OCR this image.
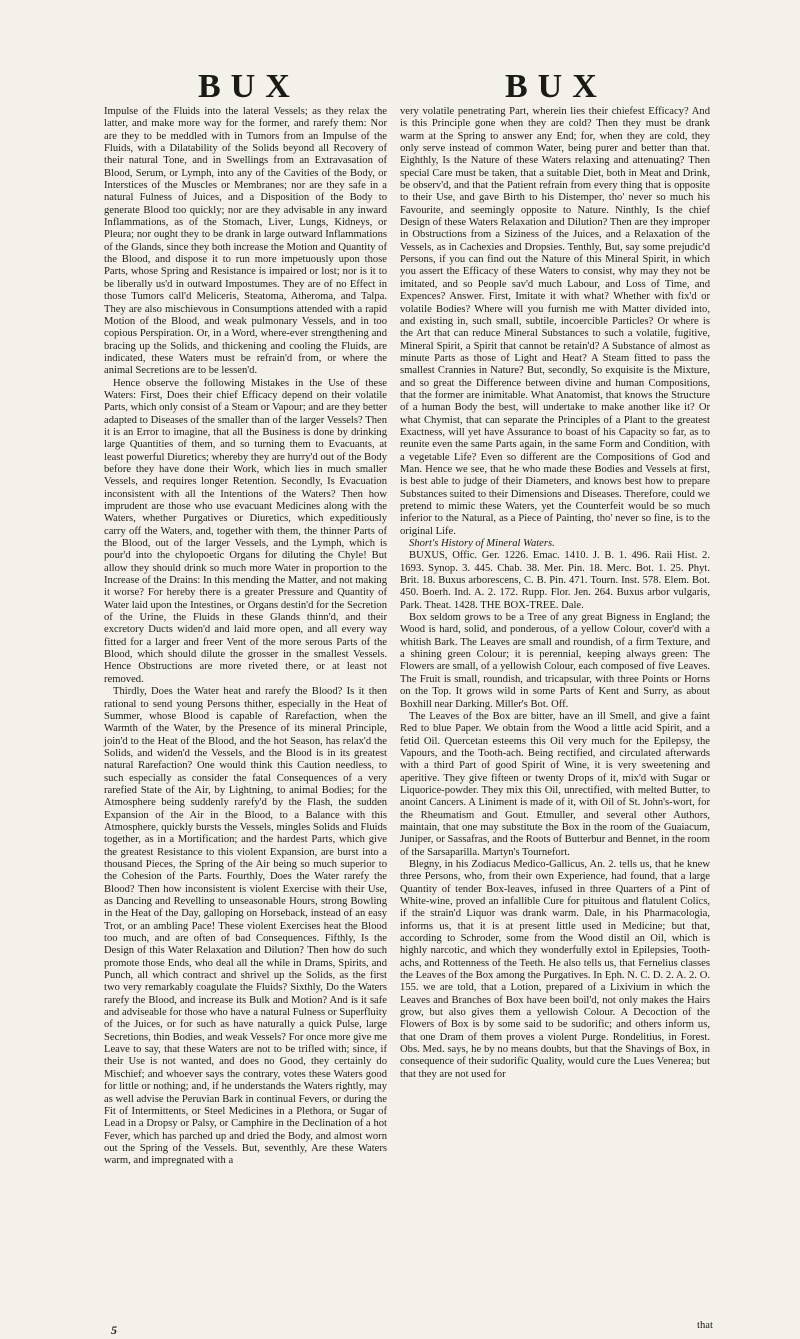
BUX	BUX

Impulse of the Fluids into the lateral Vessels; as they relax the latter, and make more way for the former, and rarefy them: Nor are they to be meddled with in Tumors from an Impulse of the Fluids, with a Dilatability of the Solids beyond all Recovery of their natural Tone, and in Swellings from an Extravasation of Blood, Serum, or Lymph, into any of the Cavities of the Body, or Interstices of the Muscles or Membranes; nor are they safe in a natural Fulness of Juices, and a Disposition of the Body to generate Blood too quickly; nor are they advisable in any inward Inflammations, as of the Stomach, Liver, Lungs, Kidneys, or Pleura; nor ought they to be drank in large outward Inflammations of the Glands, since they both increase the Motion and Quantity of the Blood, and dispose it to run more impetuously upon those Parts, whose Spring and Resistance is impaired or lost; nor is it to be liberally us'd in outward Impostumes. They are of no Effect in those Tumors call'd Meliceris, Steatoma, Atheroma, and Talpa. They are also mischievous in Consumptions attended with a rapid Motion of the Blood, and weak pulmonary Vessels, and in too copious Perspiration. Or, in a Word, where-ever strengthening and bracing up the Solids, and thickening and cooling the Fluids, are indicated, these Waters must be refrain'd from, or where the animal Secretions are to be lessen'd.

Hence observe the following Mistakes in the Use of these Waters: First, Does their chief Efficacy depend on their volatile Parts, which only consist of a Steam or Vapour; and are they better adapted to Diseases of the smaller than of the larger Vessels? Then it is an Error to imagine, that all the Business is done by drinking large Quantities of them, and so turning them to Evacuants, at least powerful Diuretics; whereby they are hurry'd out of the Body before they have done their Work, which lies in much smaller Vessels, and requires longer Retention. Secondly, Is Evacuation inconsistent with all the Intentions of the Waters? Then how imprudent are those who use evacuant Medicines along with the Waters, whether Purgatives or Diuretics, which expeditiously carry off the Waters, and, together with them, the thinner Parts of the Blood, out of the larger Vessels, and the Lymph, which is pour'd into the chylopoetic Organs for diluting the Chyle! But allow they should drink so much more Water in proportion to the Increase of the Drains: In this mending the Matter, and not making it worse? For hereby there is a greater Pressure and Quantity of Water laid upon the Intestines, or Organs destin'd for the Secretion of the Urine, the Fluids in these Glands thinn'd, and their excretory Ducts widen'd and laid more open, and all every way fitted for a larger and freer Vent of the more serous Parts of the Blood, which should dilute the grosser in the smallest Vessels. Hence Obstructions are more riveted there, or at least not removed.

Thirdly, Does the Water heat and rarefy the Blood? Is it then rational to send young Persons thither, especially in the Heat of Summer, whose Blood is capable of Rarefaction, when the Warmth of the Water, by the Presence of its mineral Principle, join'd to the Heat of the Blood, and the hot Season, has relax'd the Solids, and widen'd the Vessels, and the Blood is in its greatest natural Rarefaction? One would think this Caution needless, to such especially as consider the fatal Consequences of a very rarefied State of the Air, by Lightning, to animal Bodies; for the Atmosphere being suddenly rarefy'd by the Flash, the sudden Expansion of the Air in the Blood, to a Balance with this Atmosphere, quickly bursts the Vessels, mingles Solids and Fluids together, as in a Mortification; and the hardest Parts, which give the greatest Resistance to this violent Expansion, are burst into a thousand Pieces, the Spring of the Air being so much superior to the Cohesion of the Parts. Fourthly, Does the Water rarefy the Blood? Then how inconsistent is violent Exercise with their Use, as Dancing and Revelling to unseasonable Hours, strong Bowling in the Heat of the Day, galloping on Horseback, instead of an easy Trot, or an ambling Pace! These violent Exercises heat the Blood too much, and are often of bad Consequences. Fifthly, Is the Design of this Water Relaxation and Dilution? Then how do such promote those Ends, who deal all the while in Drams, Spirits, and Punch, all which contract and shrivel up the Solids, as the first two very remarkably coagulate the Fluids? Sixthly, Do the Waters rarefy the Blood, and increase its Bulk and Motion? And is it safe and adviseable for those who have a natural Fulness or Superfluity of the Juices, or for such as have naturally a quick Pulse, large Secretions, thin Bodies, and weak Vessels? For once more give me Leave to say, that these Waters are not to be trifled with; since, if their Use is not wanted, and does no Good, they certainly do Mischief; and whoever says the contrary, votes these Waters good for little or nothing; and, if he understands the Waters rightly, may as well advise the Peruvian Bark in continual Fevers, or during the Fit of Intermittents, or Steel Medicines in a Plethora, or Sugar of Lead in a Dropsy or Palsy, or Camphire in the Declination of a hot Fever, which has parched up and dried the Body, and almost worn out the Spring of the Vessels. But, seventhly, Are these Waters warm, and impregnated with a

very volatile penetrating Part, wherein lies their chiefest Efficacy? And is this Principle gone when they are cold? Then they must be drank warm at the Spring to answer any End; for, when they are cold, they only serve instead of common Water, being purer and better than that. Eighthly, Is the Nature of these Waters relaxing and attenuating? Then special Care must be taken, that a suitable Diet, both in Meat and Drink, be observ'd, and that the Patient refrain from every thing that is opposite to their Use, and gave Birth to his Distemper, tho' never so much his Favourite, and seemingly opposite to Nature. Ninthly, Is the chief Design of these Waters Relaxation and Dilution? Then are they improper in Obstructions from a Siziness of the Juices, and a Relaxation of the Vessels, as in Cachexies and Dropsies. Tenthly, But, say some prejudic'd Persons, if you can find out the Nature of this Mineral Spirit, in which you assert the Efficacy of these Waters to consist, why may they not be imitated, and so People sav'd much Labour, and Loss of Time, and Expences? Answer. First, Imitate it with what? Whether with fix'd or volatile Bodies? Where will you furnish me with Matter divided into, and existing in, such small, subtile, incoercible Particles? Or where is the Art that can reduce Mineral Substances to such a volatile, fugitive, Mineral Spirit, a Spirit that cannot be retain'd? A Substance of almost as minute Parts as those of Light and Heat? A Steam fitted to pass the smallest Crannies in Nature? But, secondly, So exquisite is the Mixture, and so great the Difference between divine and human Compositions, that the former are inimitable. What Anatomist, that knows the Structure of a human Body the best, will undertake to make another like it? Or what Chymist, that can separate the Principles of a Plant to the greatest Exactness, will yet have Assurance to boast of his Capacity so far, as to reunite even the same Parts again, in the same Form and Condition, with a vegetable Life? Even so different are the Compositions of God and Man. Hence we see, that he who made these Bodies and Vessels at first, is best able to judge of their Diameters, and knows best how to prepare Substances suited to their Dimensions and Diseases. Therefore, could we pretend to mimic these Waters, yet the Counterfeit would be so much inferior to the Natural, as a Piece of Painting, tho' never so fine, is to the original Life.

Short's History of Mineral Waters.

BUXUS, Offic. Ger. 1226. Emac. 1410. J. B. 1. 496. Raii Hist. 2. 1693. Synop. 3. 445. Chab. 38. Mer. Pin. 18. Merc. Bot. 1. 25. Phyt. Brit. 18. Buxus arborescens, C. B. Pin. 471. Tourn. Inst. 578. Elem. Bot. 450. Boerh. Ind. A. 2. 172. Rupp. Flor. Jen. 264. Buxus arbor vulgaris, Park. Theat. 1428. THE BOX-TREE. Dale.

Box seldom grows to be a Tree of any great Bigness in England; the Wood is hard, solid, and ponderous, of a yellow Colour, cover'd with a whitish Bark. The Leaves are small and roundish, of a firm Texture, and a shining green Colour; it is perennial, keeping always green: The Flowers are small, of a yellowish Colour, each composed of five Leaves. The Fruit is small, roundish, and tricapsular, with three Points or Horns on the Top. It grows wild in some Parts of Kent and Surry, as about Boxhill near Darking. Miller's Bot. Off.

The Leaves of the Box are bitter, have an ill Smell, and give a faint Red to blue Paper. We obtain from the Wood a little acid Spirit, and a fetid Oil. Quercetan esteems this Oil very much for the Epilepsy, the Vapours, and the Tooth-ach. Being rectified, and circulated afterwards with a third Part of good Spirit of Wine, it is very sweetening and aperitive. They give fifteen or twenty Drops of it, mix'd with Sugar or Liquorice-powder. They mix this Oil, unrectified, with melted Butter, to anoint Cancers. A Liniment is made of it, with Oil of St. John's-wort, for the Rheumatism and Gout. Etmuller, and several other Authors, maintain, that one may substitute the Box in the room of the Guaiacum, Juniper, or Sassafras, and the Roots of Butterbur and Bennet, in the room of the Sarsaparilla. Martyn's Tournefort.

Blegny, in his Zodiacus Medico-Gallicus, An. 2. tells us, that he knew three Persons, who, from their own Experience, had found, that a large Quantity of tender Box-leaves, infused in three Quarters of a Pint of White-wine, proved an infallible Cure for pituitous and flatulent Colics, if the strain'd Liquor was drank warm. Dale, in his Pharmacologia, informs us, that it is at present little used in Medicine; but that, according to Schroder, some from the Wood distil an Oil, which is highly narcotic, and which they wonderfully extol in Epilepsies, Tooth-achs, and Rottenness of the Teeth. He also tells us, that Fernelius classes the Leaves of the Box among the Purgatives. In Eph. N. C. D. 2. A. 2. O. 155. we are told, that a Lotion, prepared of a Lixivium in which the Leaves and Branches of Box have been boil'd, not only makes the Hairs grow, but also gives them a yellowish Colour. A Decoction of the Flowers of Box is by some said to be sudorific; and others inform us, that one Dram of them proves a violent Purge. Rondelitius, in Forest. Obs. Med. says, he by no means doubts, but that the Shavings of Box, in consequence of their sudorific Quality, would cure the Lues Venerea; but that they are not used for

that
5
